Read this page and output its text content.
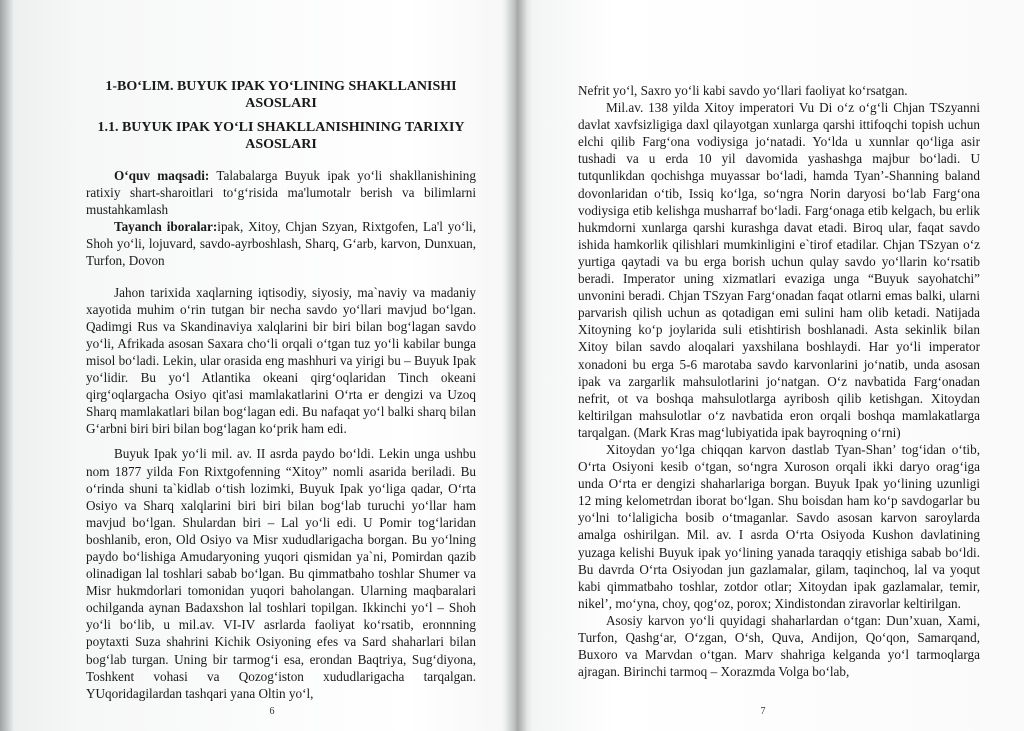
1-BO‘LIM. BUYUK IPAK YO‘LINING SHAKLLANISHI
ASOSLARI

1.1. BUYUK IPAK YO‘LI SHAKLLANISHINING TARIXIY
ASOSLARI

O‘quv maqsadi: Talabalarga Buyuk ipak yo‘li shakllanishining ratixiy shart-sharoitlari to‘g‘risida ma'lumotalr berish va bilimlarni mustahkamlash

Tayanch iboralar:ipak, Xitoy, Chjan Szyan, Rixtgofen, La'l yo‘li, Shoh yo‘li, lojuvard, savdo-ayrboshlash, Sharq, G‘arb, karvon, Dunxuan, Turfon, Dovon

Jahon tarixida xaqlarning iqtisodiy, siyosiy, ma`naviy va madaniy xayotida muhim o‘rin tutgan bir necha savdo yo‘llari mavjud bo‘lgan. Qadimgi Rus va Skandinaviya xalqlarini bir biri bilan bog‘lagan savdo yo‘li, Afrikada asosan Saxara cho‘li orqali o‘tgan tuz yo‘li kabilar bunga misol bo‘ladi. Lekin, ular orasida eng mashhuri va yirigi bu – Buyuk Ipak yo‘lidir. Bu yo‘l Atlantika okeani qirg‘oqlaridan Tinch okeani qirg‘oqlargacha Osiyo qit'asi mamlakatlarini O‘rta er dengizi va Uzoq Sharq mamlakatlari bilan bog‘lagan edi. Bu nafaqat yo‘l balki sharq bilan G‘arbni biri biri bilan bog‘lagan ko‘prik ham edi.

Buyuk Ipak yo‘li mil. av. II asrda paydo bo‘ldi. Lekin unga ushbu nom 1877 yilda Fon Rixtgofenning “Xitoy” nomli asarida beriladi. Bu o‘rinda shuni ta`kidlab o‘tish lozimki, Buyuk Ipak yo‘liga qadar, O‘rta Osiyo va Sharq xalqlarini biri biri bilan bog‘lab turuchi yo‘llar ham mavjud bo‘lgan. Shulardan biri – Lal yo‘li edi. U Pomir tog‘laridan boshlanib, eron, Old Osiyo va Misr xududlarigacha borgan. Bu yo‘lning paydo bo‘lishiga Amudaryoning yuqori qismidan ya`ni, Pomirdan qazib olinadigan lal toshlari sabab bo‘lgan. Bu qimmatbaho toshlar Shumer va Misr hukmdorlari tomonidan yuqori baholangan. Ularning maqbaralari ochilganda aynan Badaxshon lal toshlari topilgan. Ikkinchi yo‘l – Shoh yo‘li bo‘lib, u mil.av. VI-IV asrlarda faoliyat ko‘rsatib, eronnning poytaxti Suza shahrini Kichik Osiyoning efes va Sard shaharlari bilan bog‘lab turgan. Uning bir tarmog‘i esa, erondan Baqtriya, Sug‘diyona, Toshkent vohasi va Qozog‘iston xududlarigacha tarqalgan. YUqoridagilardan tashqari yana Oltin yo‘l,

6

Nefrit yo‘l, Saxro yo‘li kabi savdo yo‘llari faoliyat ko‘rsatgan.

Mil.av. 138 yilda Xitoy imperatori Vu Di o‘z o‘g‘li Chjan TSzyanni davlat xavfsizligiga daxl qilayotgan xunlarga qarshi ittifoqchi topish uchun elchi qilib Farg‘ona vodiysiga jo‘natadi. Yo‘lda u xunnlar qo‘liga asir tushadi va u erda 10 yil davomida yashashga majbur bo‘ladi. U tutqunlikdan qochishga muyassar bo‘ladi, hamda Tyan’-Shanning baland dovonlaridan o‘tib, Issiq ko‘lga, so‘ngra Norin daryosi bo‘lab Farg‘ona vodiysiga etib kelishga musharraf bo‘ladi. Farg‘onaga etib kelgach, bu erlik hukmdorni xunlarga qarshi kurashga davat etadi. Biroq ular, faqat savdo ishida hamkorlik qilishlari mumkinligini e`tirof etadilar. Chjan TSzyan o‘z yurtiga qaytadi va bu erga borish uchun qulay savdo yo‘llarin ko‘rsatib beradi. Imperator uning xizmatlari evaziga unga “Buyuk sayohatchi” unvonini beradi. Chjan TSzyan Farg‘onadan faqat otlarni emas balki, ularni parvarish qilish uchun as qotadigan emi sulini ham olib ketadi. Natijada Xitoyning ko‘p joylarida suli etishtirish boshlanadi. Asta sekinlik bilan Xitoy bilan savdo aloqalari yaxshilana boshlaydi. Har yo‘li imperator xonadoni bu erga 5-6 marotaba savdo karvonlarini jo‘natib, unda asosan ipak va zargarlik mahsulotlarini jo‘natgan. O‘z navbatida Farg‘onadan nefrit, ot va boshqa mahsulotlarga ayribosh qilib ketishgan. Xitoydan keltirilgan mahsulotlar o‘z navbatida eron orqali boshqa mamlakatlarga tarqalgan. (Mark Kras mag‘lubiyatida ipak bayroqning o‘rni)

Xitoydan yo‘lga chiqqan karvon dastlab Tyan-Shan’ tog‘idan o‘tib, O‘rta Osiyoni kesib o‘tgan, so‘ngra Xuroson orqali ikki daryo orag‘iga unda O‘rta er dengizi shaharlariga borgan. Buyuk Ipak yo‘lining uzunligi 12 ming kelometrdan iborat bo‘lgan. Shu boisdan ham ko‘p savdogarlar bu yo‘lni to‘laligicha bosib o‘tmaganlar. Savdo asosan karvon saroylarda amalga oshirilgan. Mil. av. I asrda O‘rta Osiyoda Kushon davlatining yuzaga kelishi Buyuk ipak yo‘lining yanada taraqqiy etishiga sabab bo‘ldi. Bu davrda O‘rta Osiyodan jun gazlamalar, gilam, taqinchoq, lal va yoqut kabi qimmatbaho toshlar, zotdor otlar; Xitoydan ipak gazlamalar, temir, nikel’, mo‘yna, choy, qog‘oz, porox; Xindistondan ziravorlar keltirilgan.

Asosiy karvon yo‘li quyidagi shaharlardan o‘tgan: Dun’xuan, Xami, Turfon, Qashg‘ar, O‘zgan, O‘sh, Quva, Andijon, Qo‘qon, Samarqand, Buxoro va Marvdan o‘tgan. Marv shahriga kelganda yo‘l tarmoqlarga ajragan. Birinchi tarmoq – Xorazmda Volga bo‘lab,

7
